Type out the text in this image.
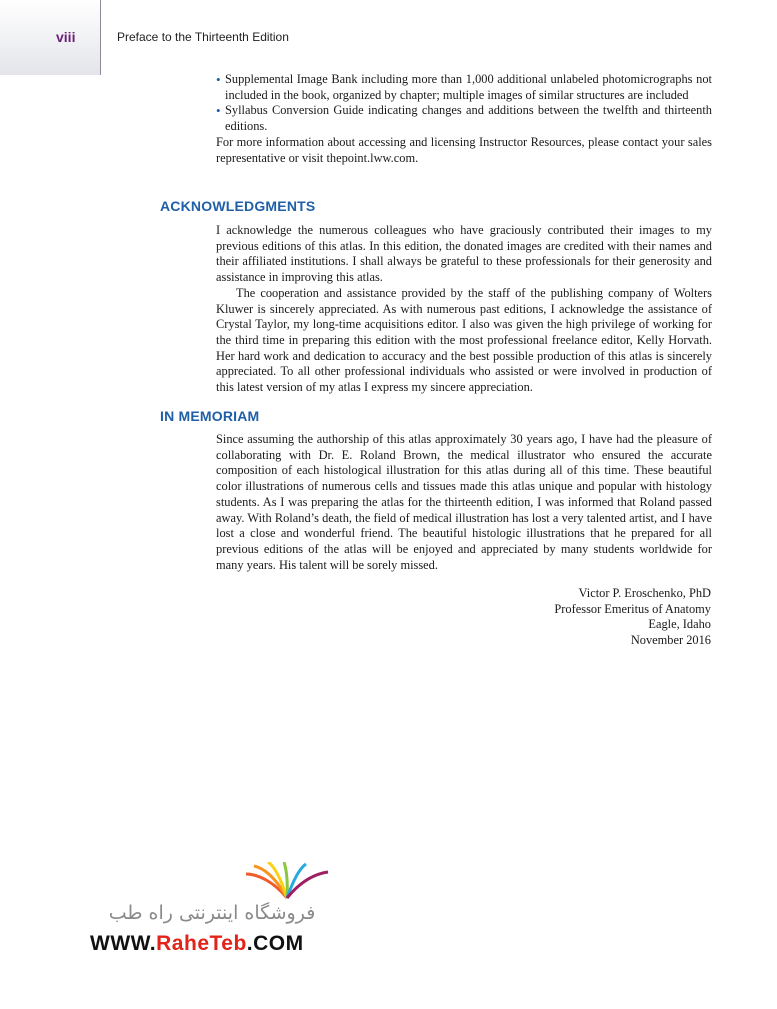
viii	Preface to the Thirteenth Edition
• Supplemental Image Bank including more than 1,000 additional unlabeled photomicrographs not included in the book, organized by chapter; multiple images of similar structures are included
• Syllabus Conversion Guide indicating changes and additions between the twelfth and thirteenth editions.

For more information about accessing and licensing Instructor Resources, please contact your sales representative or visit thepoint.lww.com.

ACKNOWLEDGMENTS

I acknowledge the numerous colleagues who have graciously contributed their images to my previous editions of this atlas. In this edition, the donated images are credited with their names and their affiliated institutions. I shall always be grateful to these professionals for their generosity and assistance in improving this atlas.

The cooperation and assistance provided by the staff of the publishing company of Wolters Kluwer is sincerely appreciated. As with numerous past editions, I acknowledge the assistance of Crystal Taylor, my long-time acquisitions editor. I also was given the high privilege of working for the third time in preparing this edition with the most professional freelance editor, Kelly Horvath. Her hard work and dedication to accuracy and the best possible production of this atlas is sincerely appreciated. To all other professional individuals who assisted or were involved in production of this latest version of my atlas I express my sincere appreciation.

IN MEMORIAM

Since assuming the authorship of this atlas approximately 30 years ago, I have had the pleasure of collaborating with Dr. E. Roland Brown, the medical illustrator who ensured the accurate composition of each histological illustration for this atlas during all of this time. These beautiful color illustrations of numerous cells and tissues made this atlas unique and popular with histology students. As I was preparing the atlas for the thirteenth edition, I was informed that Roland passed away. With Roland’s death, the field of medical illustration has lost a very talented artist, and I have lost a close and wonderful friend. The beautiful histologic illustrations that he prepared for all previous editions of the atlas will be enjoyed and appreciated by many students worldwide for many years. His talent will be sorely missed.

Victor P. Eroschenko, PhD
Professor Emeritus of Anatomy
Eagle, Idaho
November 2016
فروشگاه اینترنتی راه طب
WWW.RaheTeb.COM
